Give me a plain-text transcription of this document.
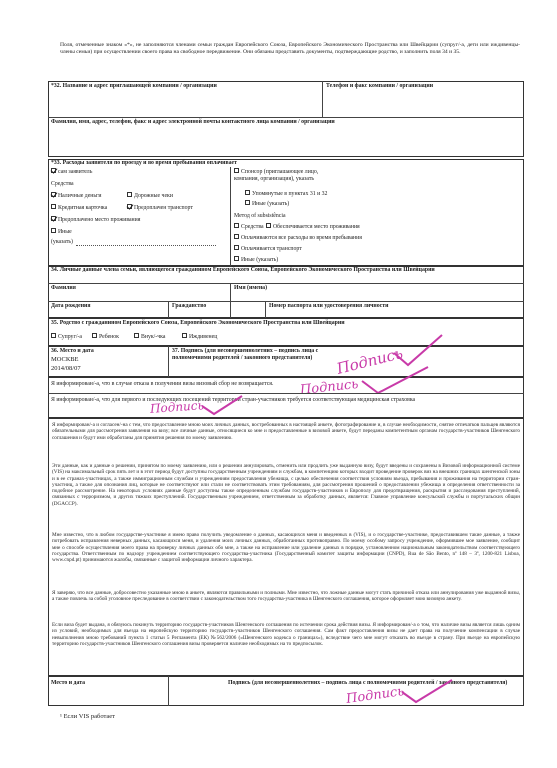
Поля, отмеченные знаком «*», не заполняются членами семьи граждан Европейского Союза, Европейского Экономического Пространства или Швейцарии (супруг/-а, дети или иждивенцы-члены семьи) при осуществлении своего права на свободное передвижение. Они обязаны представить документы, подтверждающие родство, и заполнить поля 34 и 35.
*32. Название и адрес приглашающей компании / организации	Телефон и факс компании / организации
Фамилия, имя, адрес, телефон, факс и адрес электронной почты контактного лица компании / организации
*33. Расходы заявителя по проезду и во время пребывания оплачивает
сам заявитель
Средства
Наличные деньги	Дорожные чеки
Кредитная карточка	Предоплачен транспорт
Предоплачено место проживания
Иные
(указать)
Спонсор (приглашающее лицо, компания, организация), указать
Упомянутые в пунктах 31 и 32
Иные (указать)
Метод of subsistência
Средства	Обеспечивается место проживания
Оплачиваются все расходы во время пребывания
Оплачивается транспорт
Иные (указать)
34. Личные данные члена семьи, являющегося гражданином Европейского Союза, Европейского Экономического Пространства или Швейцарии
Фамилия	Имя (имена)
Дата рождения	Гражданство	Номер паспорта или удостоверения личности
35. Родство с гражданином Европейского Союза, Европейского Экономического Пространства или Швейцарии
Супруг/-а	Ребенок	Внук/-чка	Иждивенец
36. Место и дата
МОСКВЕ
2014/08/07
37. Подпись (для несовершеннолетних – подпись лица с полномочиями родителей / законного представителя)	Подпись
Я информирован/-а, что в случае отказа в получении визы визовый сбор не возвращается. Подпись
Я информирован/-а, что для первого и последующих посещений территории стран-участников требуется соответствующая медицинская страховка
Подпись
Я информирован/-а и согласен/-на с тем, что предоставление мною моих личных данных, востребованных в настоящей анкете, фотографирование и, в случае необходимости, снятие отпечатков пальцев являются обязательными для рассмотрения заявления на визу; все личные данные, относящиеся ко мне и предоставленные в визовой анкете, будут переданы компетентным органам государств-участников Шенгенского соглашения и будут ими обработаны для принятия решения по моему заявлению.
Эти данные, как и данные о решении, принятом по моему заявлению, или о решении аннулировать, отменить или продлить уже выданную визу, будут введены и сохранены в Визовой информационной системе (VIS) на максимальный срок пять лет и в этот период будут доступны государственным учреждениям и службам, в компетенцию которых входит проведение проверок виз на внешних границах шенгенской зоны и в ее странах-участницах, а также иммиграционным службам и учреждениям предоставления убежища, с целью обеспечения соответствия условиям въезда, пребывания и проживания на территории стран-участниц, а также для опознания лиц, которые не соответствуют или стали не соответствовать этим требованиям, для рассмотрения прошений о предоставлении убежища и определения ответственности за подобное рассмотрение. На некоторых условиях данные будут доступны также определенным службам государств-участников и Европолу для предотвращения, раскрытия и расследования преступлений, связанных с терроризмом, и других тяжких преступлений. Государственным учреждением, ответственным за обработку данных, является: Главное управление консульской службы и португальских общин (DGACCP).
Мне известно, что в любом государстве-участнике я имею право получить уведомление о данных, касающихся меня и введенных в (VIS), и о государстве-участнике, предоставившем такие данные, а также потребовать исправления неверных данных, касающихся меня, и удаления моих личных данных, обработанных противоправно. По моему особому запросу учреждение, оформившее мое заявление, сообщит мне о способе осуществления моего права на проверку личных данных обо мне, а также на исправление или удаление данных в порядке, установленном национальным законодательством соответствующего государства. Ответственным по надзору учреждением соответствующего государства-участника (Государственный комитет защиты информации (CNPD), Rua de São Bento, nº 148 – 3º, 1200-821 Lisboa, www.cnpd.pt) принимаются жалобы, связанные с защитой информации личного характера.
Я заверяю, что все данные, добросовестно указанные мною в анкете, являются правильными и полными. Мне известно, что ложные данные могут стать причиной отказа или аннулирования уже выданной визы, а также повлечь за собой уголовное преследование в соответствии с законодательством того государства-участника в Шенгенского соглашения, которое оформляет мою визовую анкету.
Если виза будет выдана, я обязуюсь покинуть территорию государств-участников Шенгенского соглашения по истечении срока действия визы. Я информирован/-а о том, что наличие визы является лишь одним из условий, необходимых для въезда на европейскую территорию государств-участников Шенгенского соглашения. Сам факт предоставления визы не дает права на получение компенсации в случае невыполнения мною требований пункта 1 статьи 5 Регламента (ЕК) №562/2006 («Шенгенского кодекса о границах»), вследствие чего мне могут отказать во въезде в страну. При въезде на европейскую территорию государств-участников Шенгенского соглашения визы проверяется наличие необходимых на то предпосылок.
Место и дата	Подпись (для несовершеннолетних – подпись лица с полномочиями родителей / законного представителя)
Подпись
¹ Если VIS работает
